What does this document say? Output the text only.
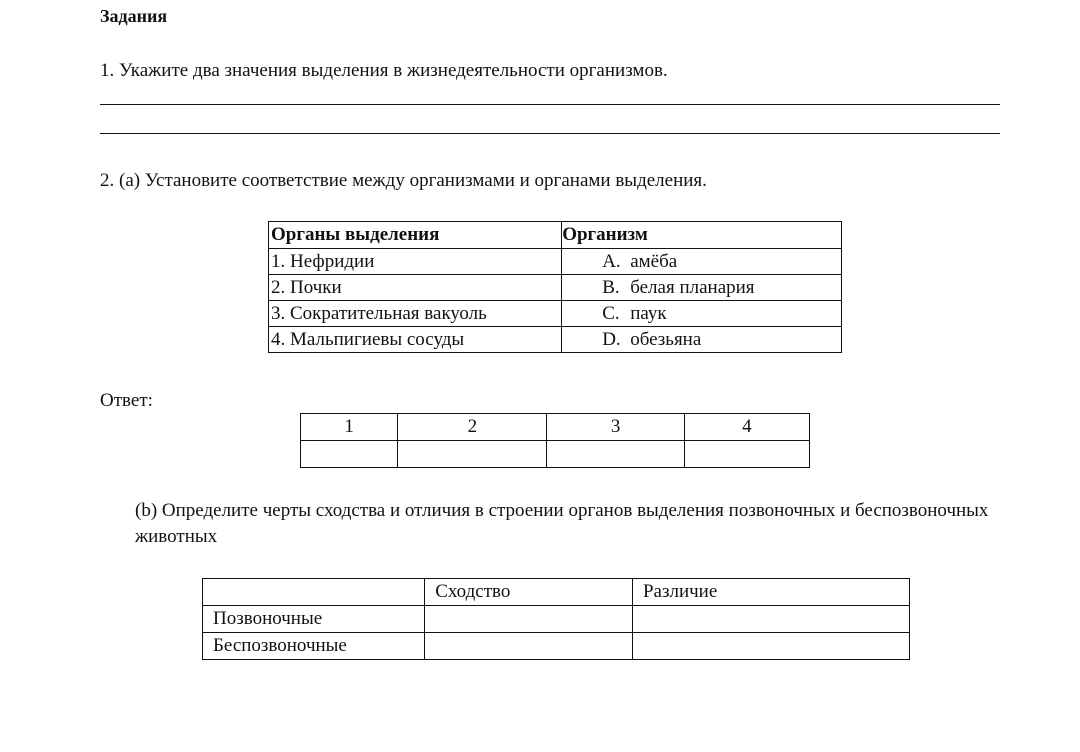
Задания
1. Укажите два значения выделения в жизнедеятельности организмов.
2. (a) Установите соответствие между организмами и органами выделения.
Органы выделения	Организм
1. Нефридии	A. амёба
2. Почки	B. белая планария
3. Сократительная вакуоль	C. паук
4. Мальпигиевы сосуды	D. обезьяна
Ответ:
1	2	3	4

(b) Определите черты сходства и отличия в строении органов выделения позвоночных и беспозвоночных животных
	Сходство	Различие
Позвоночные		
Беспозвоночные		
